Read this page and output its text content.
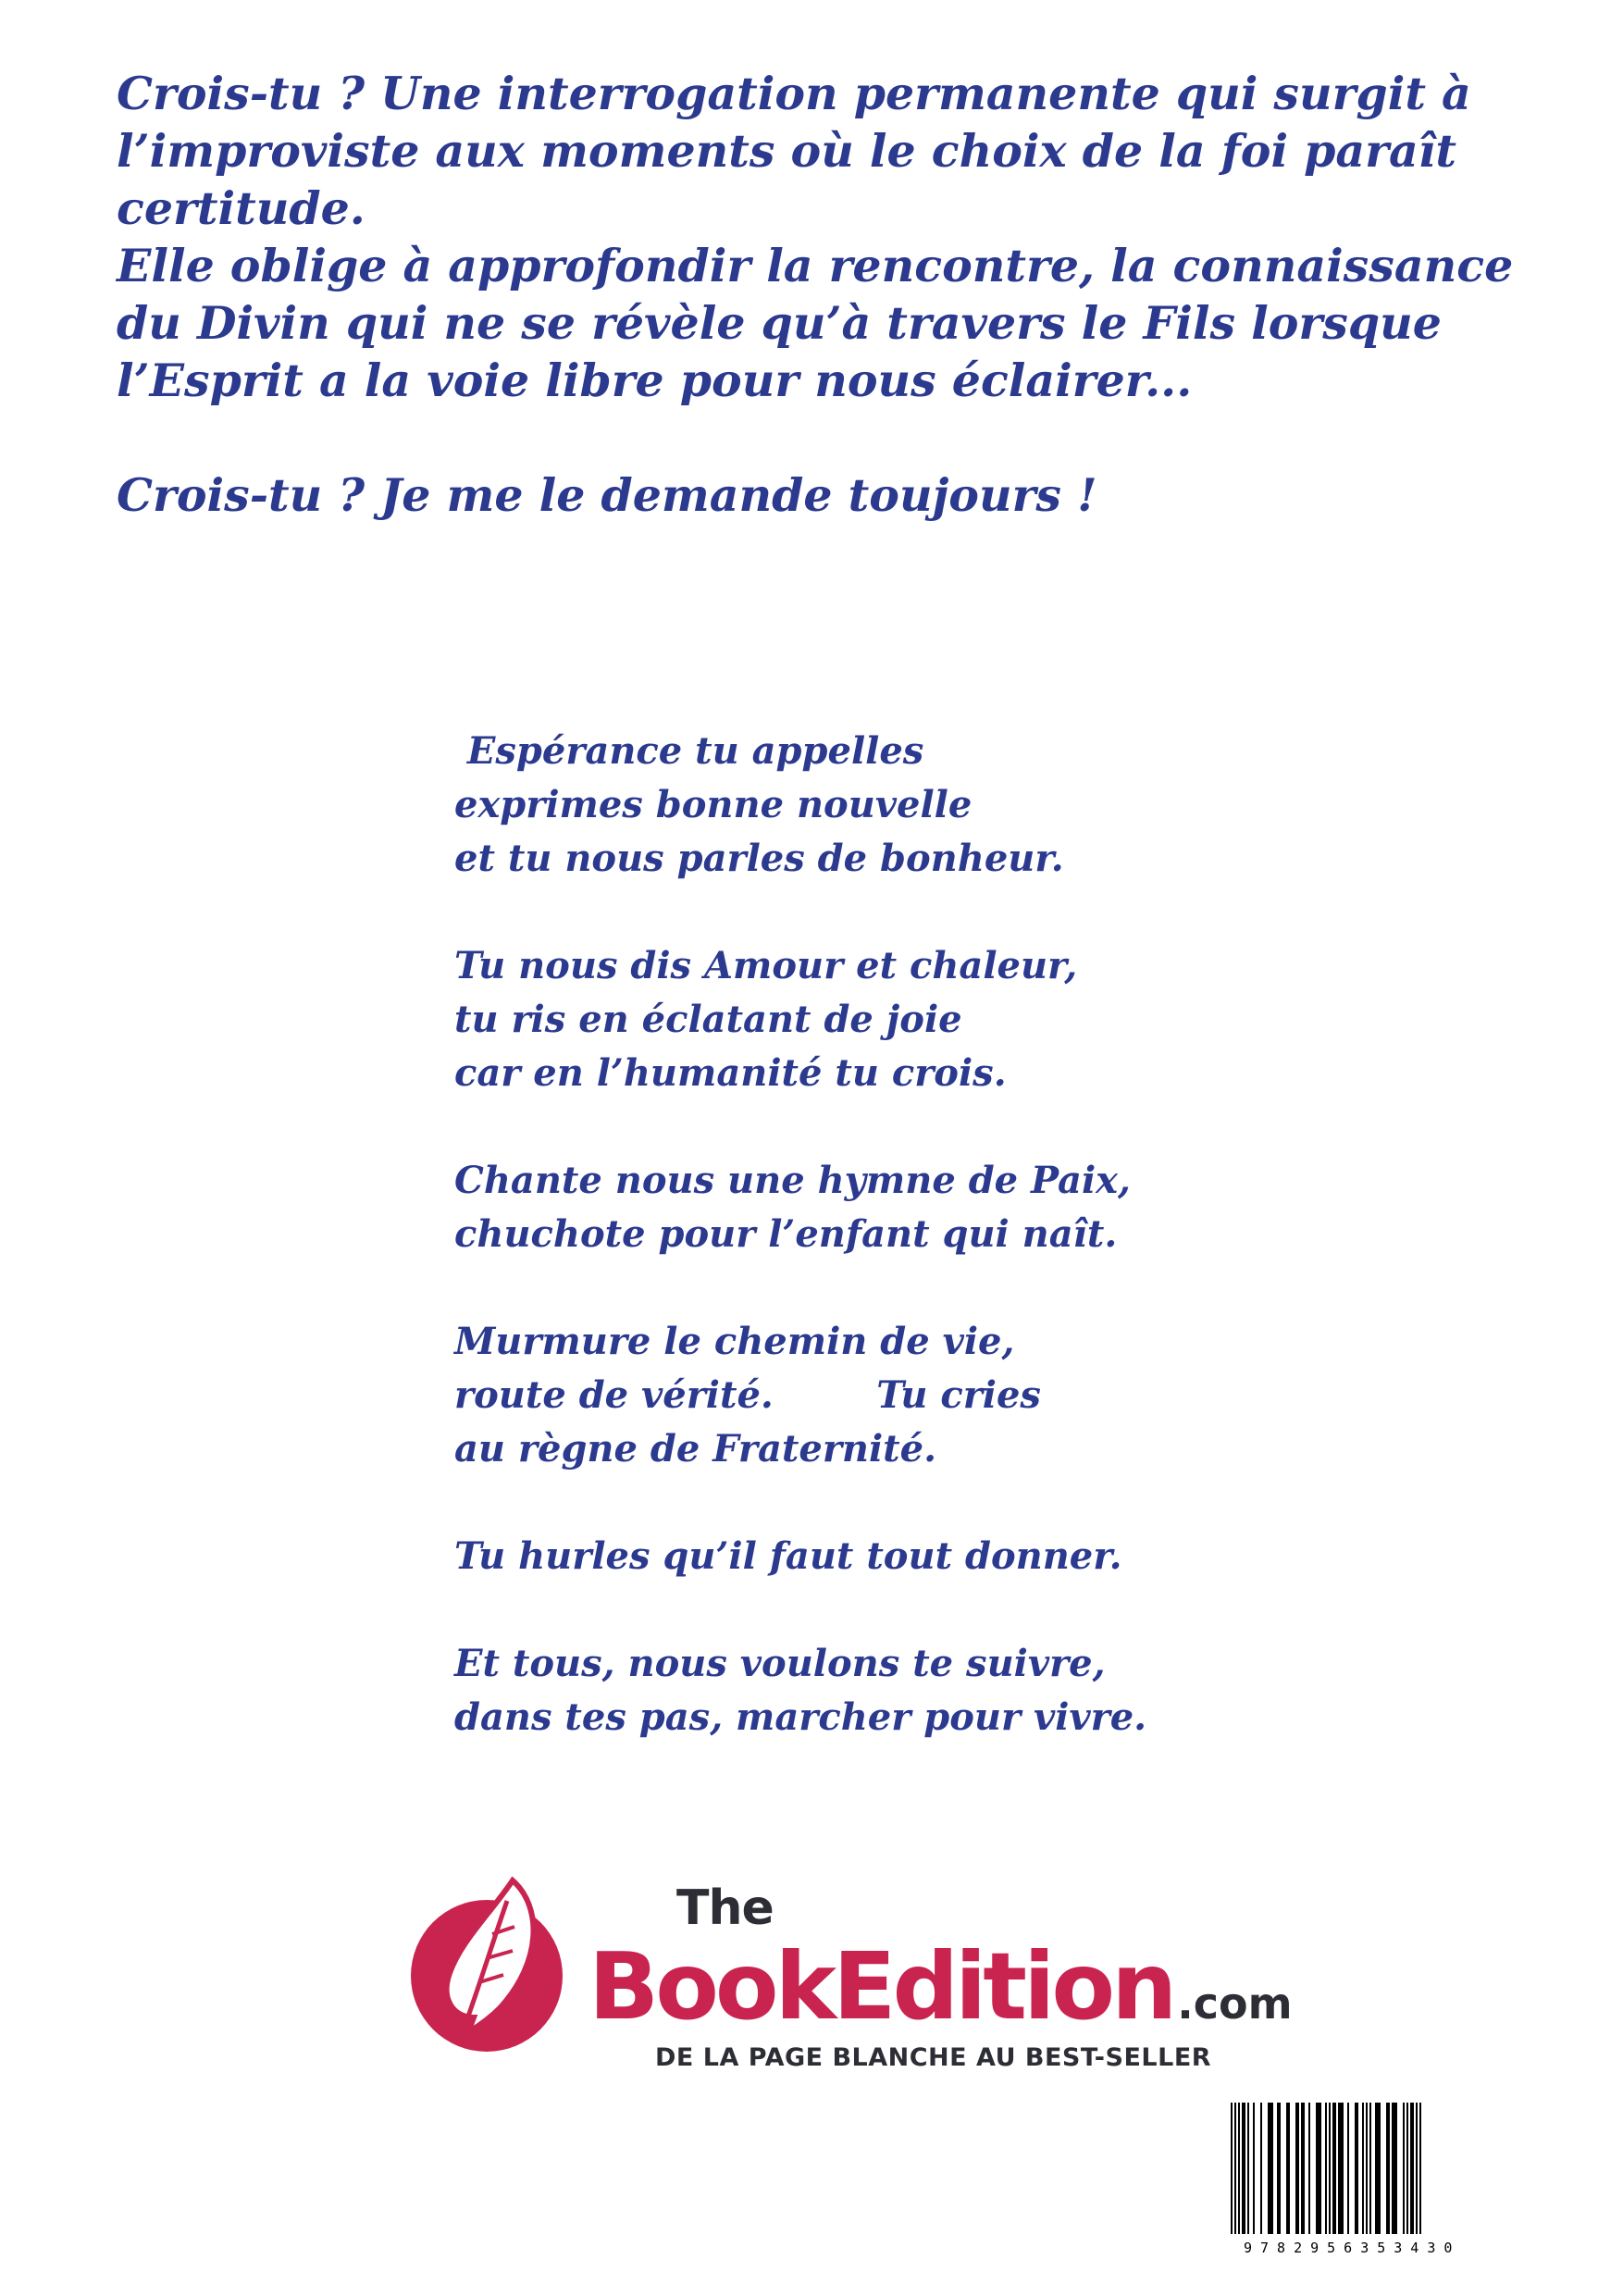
Crois-tu ? Une interrogation permanente qui surgit à

l’improviste aux moments où le choix de la foi paraît

certitude.

Elle oblige à approfondir la rencontre, la connaissance

du Divin qui ne se révèle qu’à travers le Fils lorsque

l’Esprit a la voie libre pour nous éclairer...

Crois-tu ? Je me le demande toujours !

Espérance tu appelles
exprimes bonne nouvelle
et tu nous parles de bonheur.
Tu nous dis Amour et chaleur,
tu ris en éclatant de joie
car en l’humanité tu crois.
Chante nous une hymne de Paix,
chuchote pour l’enfant qui naît.
Murmure le chemin de vie,
route de vérité.        Tu cries
au règne de Fraternité.
Tu hurles qu’il faut tout donner.
Et tous, nous voulons te suivre,
dans tes pas, marcher pour vivre.
The
BookEdition.com
DE LA PAGE BLANCHE AU BEST-SELLER
9782956353430
